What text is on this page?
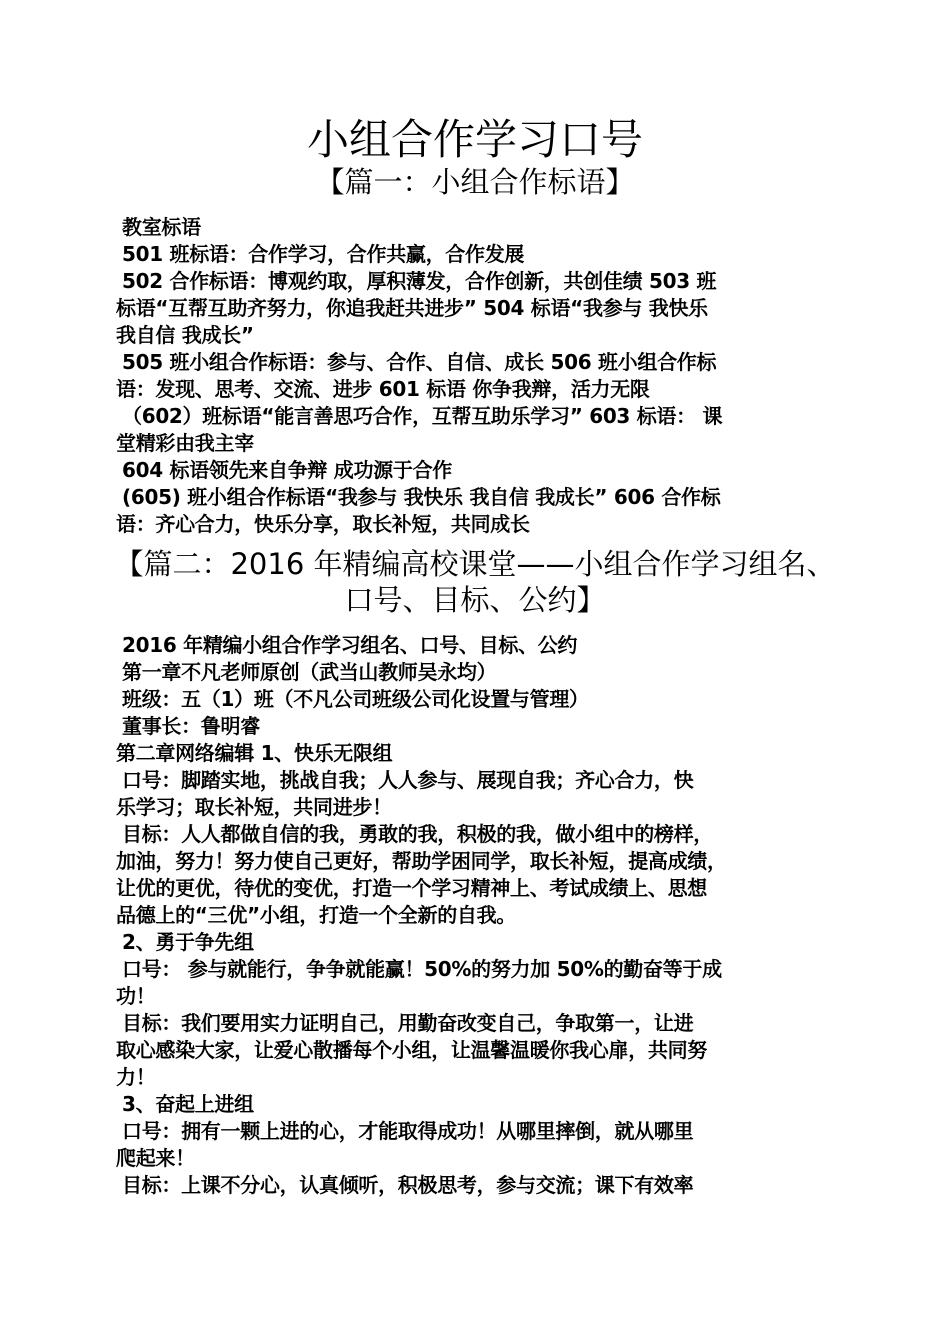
小组合作学习口号
【篇一：小组合作标语】

教室标语

501 班标语：合作学习，合作共赢，合作发展

502 合作标语：博观约取，厚积薄发，合作创新，共创佳绩 503 班

标语“互帮互助齐努力，你追我赶共进步” 504 标语“我参与 我快乐

我自信 我成长”

505 班小组合作标语：参与、合作、自信、成长 506 班小组合作标

语：发现、思考、交流、进步 601 标语 你争我辩，活力无限

（602）班标语“能言善思巧合作，互帮互助乐学习” 603 标语： 课

堂精彩由我主宰

604 标语领先来自争辩 成功源于合作

(605) 班小组合作标语“我参与 我快乐 我自信 我成长” 606 合作标

语：齐心合力，快乐分享，取长补短，共同成长

【篇二：2016 年精编高校课堂——小组合作学习组名、
口号、目标、公约】

2016 年精编小组合作学习组名、口号、目标、公约

第一章不凡老师原创（武当山教师吴永均）

班级：五（1）班（不凡公司班级公司化设置与管理）

董事长：鲁明睿

第二章网络编辑 1、快乐无限组

口号：脚踏实地，挑战自我；人人参与、展现自我；齐心合力，快

乐学习；取长补短，共同进步！

目标：人人都做自信的我，勇敢的我，积极的我，做小组中的榜样，

加油，努力！努力使自己更好，帮助学困同学，取长补短，提高成绩，

让优的更优，待优的变优，打造一个学习精神上、考试成绩上、思想

品德上的“三优”小组，打造一个全新的自我。

2、勇于争先组

口号： 参与就能行，争争就能赢！50%的努力加 50%的勤奋等于成

功！

目标：我们要用实力证明自己，用勤奋改变自己，争取第一，让进

取心感染大家，让爱心散播每个小组，让温馨温暖你我心扉，共同努

力！

3、奋起上进组

口号：拥有一颗上进的心，才能取得成功！从哪里摔倒，就从哪里

爬起来！

目标：上课不分心，认真倾听，积极思考，参与交流；课下有效率
